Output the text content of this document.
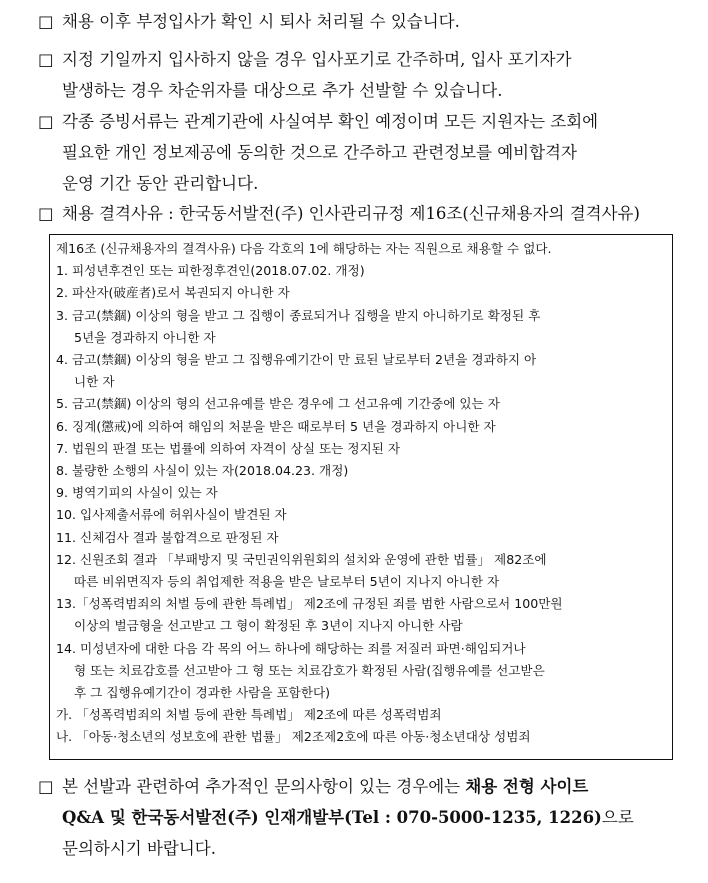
□ 채용 이후 부정입사가 확인 시 퇴사 처리될 수 있습니다.
□ 지정 기일까지 입사하지 않을 경우 입사포기로 간주하며, 입사 포기자가
발생하는 경우 차순위자를 대상으로 추가 선발할 수 있습니다.
□ 각종 증빙서류는 관계기관에 사실여부 확인 예정이며 모든 지원자는 조회에
필요한 개인 정보제공에 동의한 것으로 간주하고 관련정보를 예비합격자
운영 기간 동안 관리합니다.
□ 채용 결격사유 : 한국동서발전(주) 인사관리규정 제16조(신규채용자의 결격사유)
제16조 (신규채용자의 결격사유) 다음 각호의 1에 해당하는 자는 직원으로 채용할 수 없다.
1. 피성년후견인 또는 피한정후견인(2018.07.02. 개정)
2. 파산자(破産者)로서 복권되지 아니한 자
3. 금고(禁錮) 이상의 형을 받고 그 집행이 종료되거나 집행을 받지 아니하기로 확정된 후
5년을 경과하지 아니한 자
4. 금고(禁錮) 이상의 형을 받고 그 집행유예기간이 만 료된 날로부터 2년을 경과하지 아
니한 자
5. 금고(禁錮) 이상의 형의 선고유예를 받은 경우에 그 선고유예 기간중에 있는 자
6. 징계(懲戒)에 의하여 해임의 처분을 받은 때로부터 5 년을 경과하지 아니한 자
7. 법원의 판결 또는 법률에 의하여 자격이 상실 또는 정지된 자
8. 불량한 소행의 사실이 있는 자(2018.04.23. 개정)
9. 병역기피의 사실이 있는 자
10. 입사제출서류에 허위사실이 발견된 자
11. 신체검사 결과 불합격으로 판정된 자
12. 신원조회 결과 「부패방지 및 국민권익위원회의 설치와 운영에 관한 법률」 제82조에
따른 비위면직자 등의 취업제한 적용을 받은 날로부터 5년이 지나지 아니한 자
13.「성폭력범죄의 처벌 등에 관한 특례법」 제2조에 규정된 죄를 범한 사람으로서 100만원
이상의 벌금형을 선고받고 그 형이 확정된 후 3년이 지나지 아니한 사람
14. 미성년자에 대한 다음 각 목의 어느 하나에 해당하는 죄를 저질러 파면·해임되거나
형 또는 치료감호를 선고받아 그 형 또는 치료감호가 확정된 사람(집행유예를 선고받은
후 그 집행유예기간이 경과한 사람을 포함한다)
가. 「성폭력범죄의 처벌 등에 관한 특례법」 제2조에 따른 성폭력범죄
나. 「아동·청소년의 성보호에 관한 법률」 제2조제2호에 따른 아동·청소년대상 성범죄
□ 본 선발과 관련하여 추가적인 문의사항이 있는 경우에는 채용 전형 사이트
Q&A 및 한국동서발전(주) 인재개발부(Tel : 070-5000-1235, 1226)으로
문의하시기 바랍니다.
